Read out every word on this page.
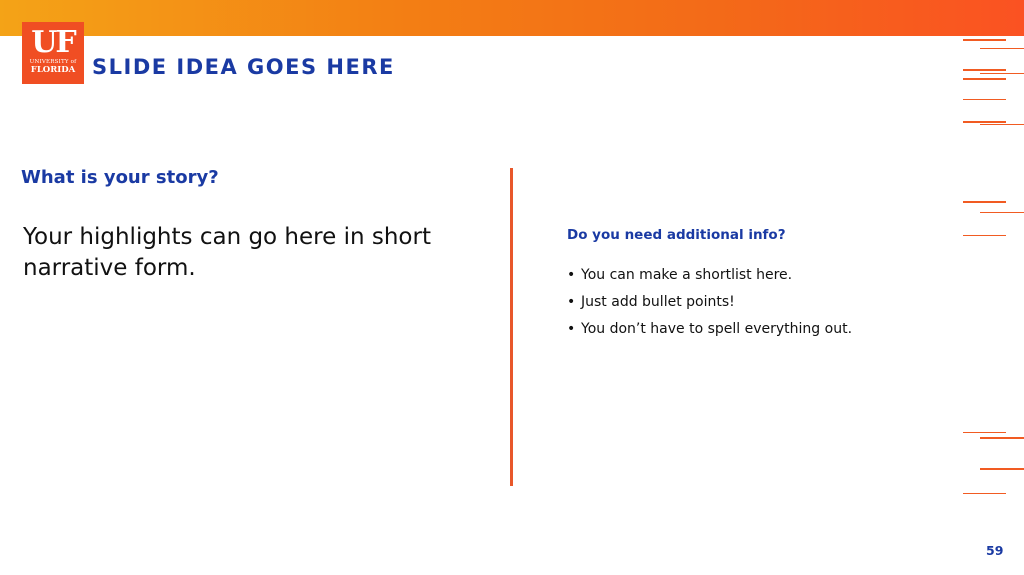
UF
UNIVERSITY of
FLORIDA SLIDE IDEA GOES HERE
What is your story?
Your highlights can go here in short narrative form.
Do you need additional info?
• You can make a shortlist here.
• Just add bullet points!
• You don’t have to spell everything out.
59
